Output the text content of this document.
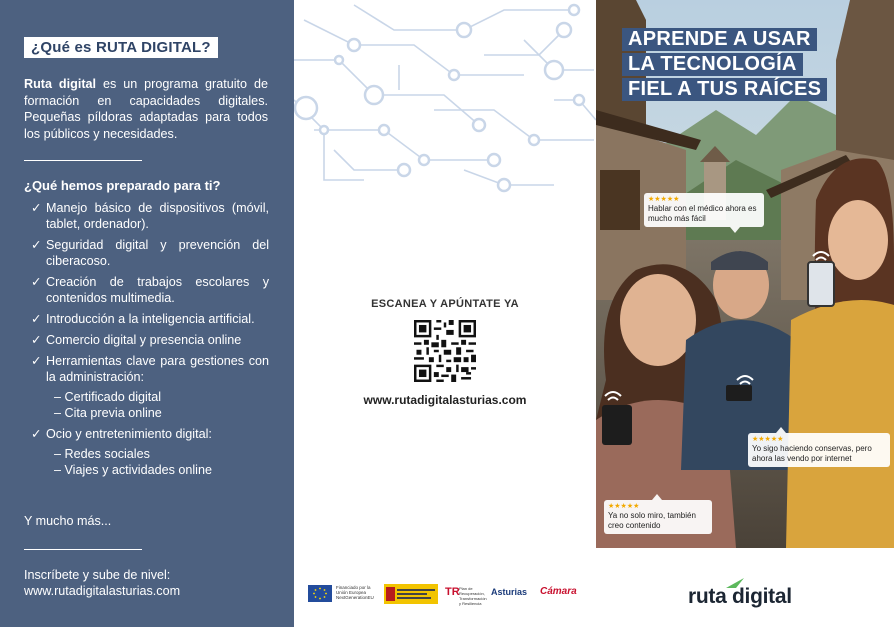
¿Qué es RUTA DIGITAL?
Ruta digital es un programa gratuito de formación en capacidades digitales. Pequeñas píldoras adaptadas para todos los públicos y necesidades.
¿Qué hemos preparado para ti?
✓ Manejo básico de dispositivos (móvil, tablet, ordenador).
✓ Seguridad digital y prevención del ciberacoso.
✓ Creación de trabajos escolares y contenidos multimedia.
✓ Introducción a la inteligencia artificial.
✓ Comercio digital y presencia online
✓ Herramientas clave para gestiones con la administración:
– Certificado digital
– Cita previa online
✓ Ocio y entretenimiento digital:
– Redes sociales
– Viajes y actividades online
Y mucho más...
Inscríbete y sube de nivel:
www.rutadigitalasturias.com
ESCANEA Y APÚNTATE YA
www.rutadigitalasturias.com
Financiado por la Unión Europea NextGenerationEU	TR Plan de Recuperación, Transformación y Resiliencia
Asturias Cámara
APRENDE A USAR
LA TECNOLOGÍA
FIEL A TUS RAÍCES
★★★★★
Hablar con el médico ahora es mucho más fácil
★★★★★
Yo sigo haciendo conservas, pero ahora las vendo por internet
★★★★★
Ya no solo miro, también creo contenido
ruta digital
